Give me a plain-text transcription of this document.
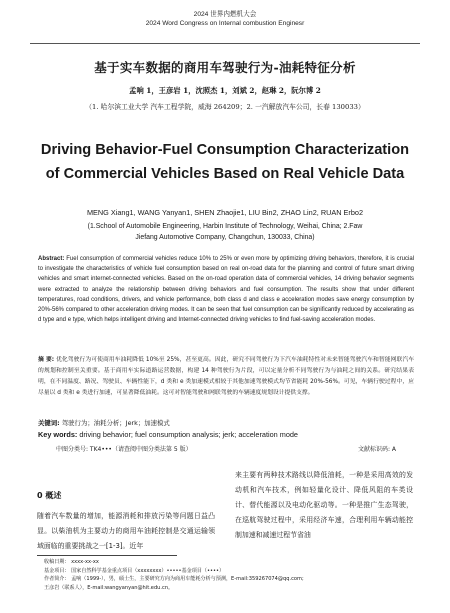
2024 世界内燃机大会
2024 Word Congress on Internal combustion Enginesr
基于实车数据的商用车驾驶行为-油耗特征分析
孟响 1，王彦岩 1，沈照杰 1，刘斌 2，赵琳 2，阮尔博 2
（1. 哈尔滨工业大学 汽车工程学院，威海 264209；2. 一汽解放汽车公司，长春 130033）
Driving Behavior-Fuel Consumption Characterization of Commercial Vehicles Based on Real Vehicle Data
MENG Xiang1, WANG Yanyan1, SHEN Zhaojie1, LIU Bin2, ZHAO Lin2, RUAN Erbo2
(1.School of Automobile Engineering, Harbin Institute of Technology, Weihai, China; 2.Faw
Jiefang Automotive Company, Changchun, 130033, China)
Abstract: Fuel consumption of commercial vehicles reduce 10% to 25% or even more by optimizing driving behaviors, therefore, it is crucial to investigate the characteristics of vehicle fuel consumption based on real on-road data for the planning and control of future smart driving vehicles and smart internet-connected vehicles. Based on the on-road operation data of commercial vehicles, 14 driving behavior segments were extracted to analyze the relationship between driving behaviors and fuel consumption. The results show that under different temperatures, road conditions, drivers, and vehicle performance, both class d and class e acceleration modes save energy consumption by 20%-56% compared to other acceleration driving modes. It can be seen that fuel consumption can be significantly reduced by accelerating as d type and e type, which helps intelligent driving and Internet-connected driving vehicles to find fuel-saving acceleration modes.
摘 要: 优化驾驶行为可使商用车油耗降低 10%至 25%，甚至更高。因此，研究不同驾驶行为下汽车油耗特性对未来智能驾驶汽车和智能网联汽车的规划和控制至关重要。基于商用车实际道路运营数据，构建 14 种驾驶行为片段，可以定量分析不同驾驶行为与油耗之间的关系。研究结果表明，在不同温度、路况、驾驶员、车辆性能下，d 类和 e 类加速模式相较于其他加速驾驶模式均节省能耗 20%-56%。可见，车辆行驶过程中，应尽量以 d 类和 e 类进行加速，可显著降低油耗。这可对智能驾驶和网联驾驶的车辆速度规划设计提供支撑。
关键词: 驾驶行为；油耗分析；Jerk；加速模式
Key words: driving behavior; fuel consumption analysis; jerk; acceleration mode
中图分类号: TK4•••（请查阅中图分类法第 5 版）	文献标识码: A
0 概述

随着汽车数量的增加，能源消耗和排放污染等问题日益凸显。以柴油机为主要动力的商用车油耗控制是交通运输领域面临的重要挑战之一[1-3]。近年

来主要有两种技术路线以降低油耗，一种是采用高效的发动机和汽车技术，例如轻量化设计、降低风阻的车类设计、替代能源以及电动化驱动等。一种是推广生态驾驶，在巡航驾驶过程中，采用经济车速，合理利用车辆动能控制加速和减速过程节省油

收稿日期： xxxx-xx-xx
基金项目： 国家自然科学基金重点项目（xxxxxxxx）•••••基金项目（••••）
作者简介： 孟响（1999-），男，硕士生，主要研究方向为商用车能耗分析与预测，E-mail:359267074@qq.com;
王彦岩（联系人），E-mail:wangyanyan@hit.edu.cn。
